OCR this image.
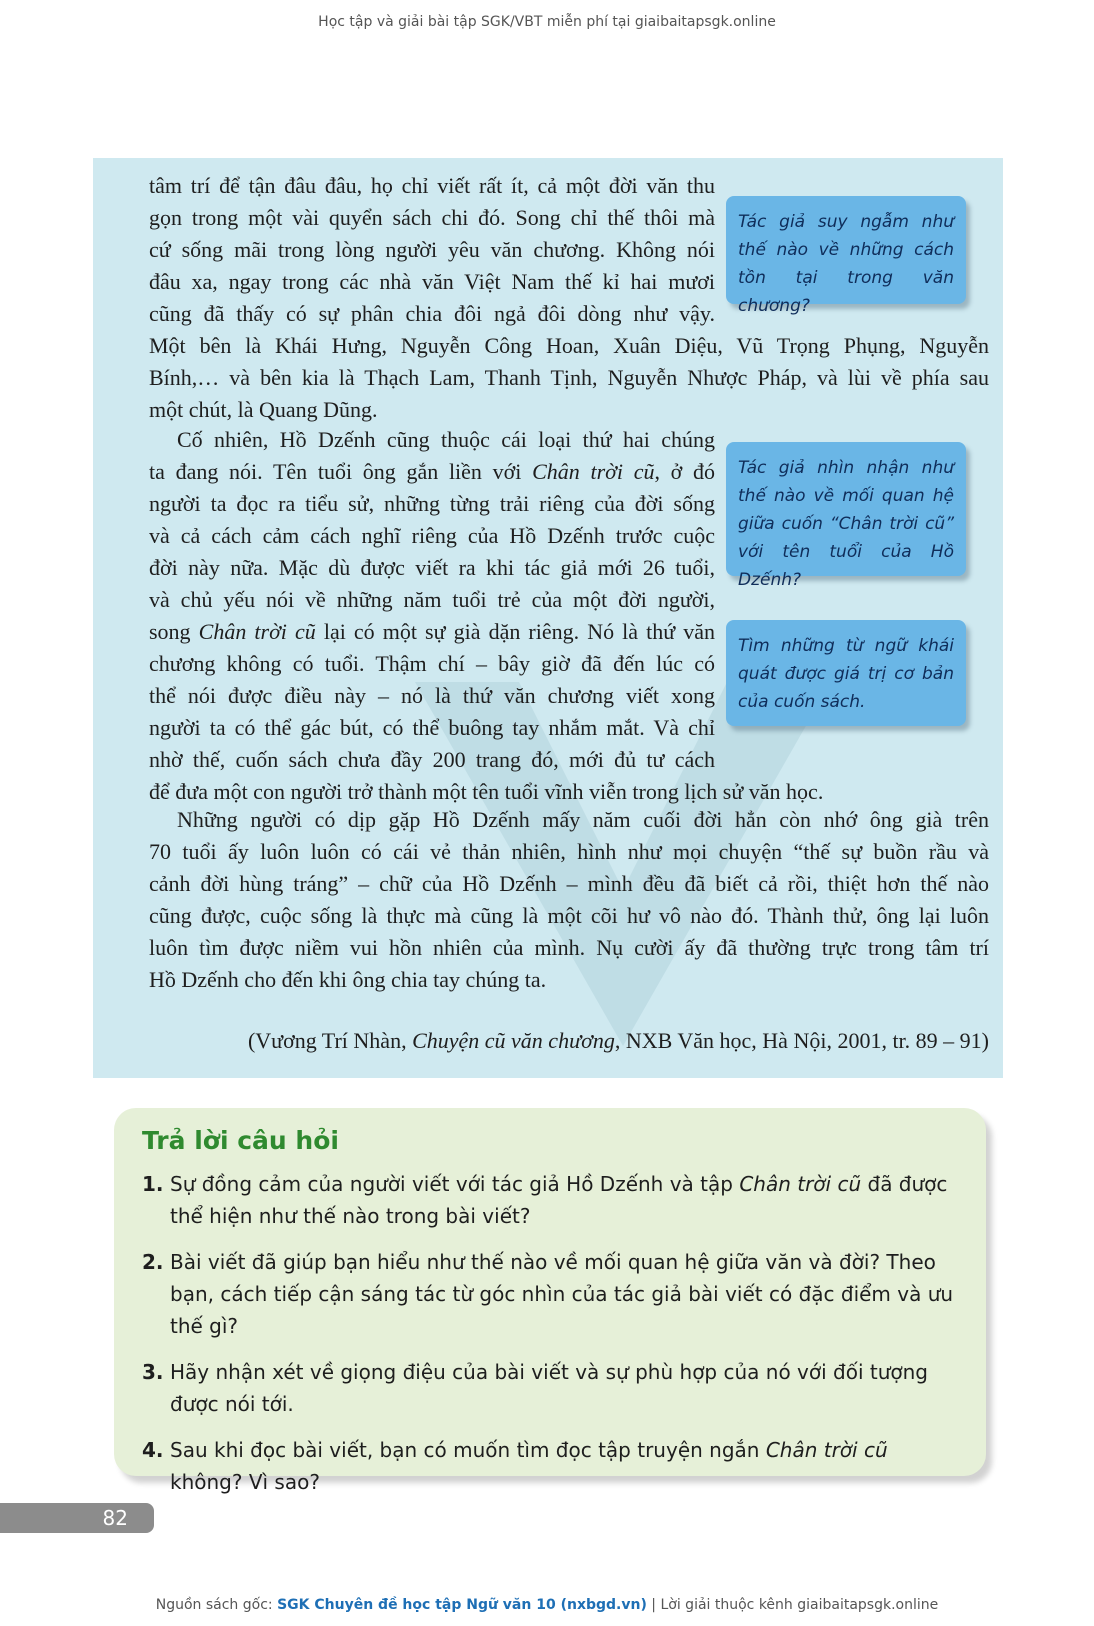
Học tập và giải bài tập SGK/VBT miễn phí tại giaibaitapsgk.online
tâm trí để tận đâu đâu, họ chỉ viết rất ít, cả một đời văn thu
gọn trong một vài quyển sách chi đó. Song chỉ thế thôi mà
cứ sống mãi trong lòng người yêu văn chương. Không nói
đâu xa, ngay trong các nhà văn Việt Nam thế kỉ hai mươi
cũng đã thấy có sự phân chia đôi ngả đôi dòng như vậy.
Một bên là Khái Hưng, Nguyễn Công Hoan, Xuân Diệu, Vũ Trọng Phụng, Nguyễn
Bính,… và bên kia là Thạch Lam, Thanh Tịnh, Nguyễn Nhược Pháp, và lùi về phía sau
một chút, là Quang Dũng.
Cố nhiên, Hồ Dzếnh cũng thuộc cái loại thứ hai chúng
ta đang nói. Tên tuổi ông gắn liền với Chân trời cũ, ở đó
người ta đọc ra tiểu sử, những từng trải riêng của đời sống
và cả cách cảm cách nghĩ riêng của Hồ Dzếnh trước cuộc
đời này nữa. Mặc dù được viết ra khi tác giả mới 26 tuổi,
và chủ yếu nói về những năm tuổi trẻ của một đời người,
song Chân trời cũ lại có một sự già dặn riêng. Nó là thứ văn
chương không có tuổi. Thậm chí – bây giờ đã đến lúc có
thể nói được điều này – nó là thứ văn chương viết xong
người ta có thể gác bút, có thể buông tay nhắm mắt. Và chỉ
nhờ thế, cuốn sách chưa đầy 200 trang đó, mới đủ tư cách
để đưa một con người trở thành một tên tuổi vĩnh viễn trong lịch sử văn học.
Những người có dịp gặp Hồ Dzếnh mấy năm cuối đời hẳn còn nhớ ông già trên
70 tuổi ấy luôn luôn có cái vẻ thản nhiên, hình như mọi chuyện “thế sự buồn rầu và
cảnh đời hùng tráng” – chữ của Hồ Dzếnh – mình đều đã biết cả rồi, thiệt hơn thế nào
cũng được, cuộc sống là thực mà cũng là một cõi hư vô nào đó. Thành thử, ông lại luôn
luôn tìm được niềm vui hồn nhiên của mình. Nụ cười ấy đã thường trực trong tâm trí
Hồ Dzếnh cho đến khi ông chia tay chúng ta.
(Vương Trí Nhàn, Chuyện cũ văn chương, NXB Văn học, Hà Nội, 2001, tr. 89 – 91)
Tác giả suy ngẫm như thế nào về những cách tồn tại trong văn chương?
Tác giả nhìn nhận như thế nào về mối quan hệ giữa cuốn “Chân trời cũ” với tên tuổi của Hồ Dzếnh?
Tìm những từ ngữ khái quát được giá trị cơ bản của cuốn sách.
Trả lời câu hỏi
1. Sự đồng cảm của người viết với tác giả Hồ Dzếnh và tập Chân trời cũ đã được thể hiện như thế nào trong bài viết?
2. Bài viết đã giúp bạn hiểu như thế nào về mối quan hệ giữa văn và đời? Theo bạn, cách tiếp cận sáng tác từ góc nhìn của tác giả bài viết có đặc điểm và ưu thế gì?
3. Hãy nhận xét về giọng điệu của bài viết và sự phù hợp của nó với đối tượng được nói tới.
4. Sau khi đọc bài viết, bạn có muốn tìm đọc tập truyện ngắn Chân trời cũ không? Vì sao?
82
Nguồn sách gốc: SGK Chuyên đề học tập Ngữ văn 10 (nxbgd.vn) | Lời giải thuộc kênh giaibaitapsgk.online
